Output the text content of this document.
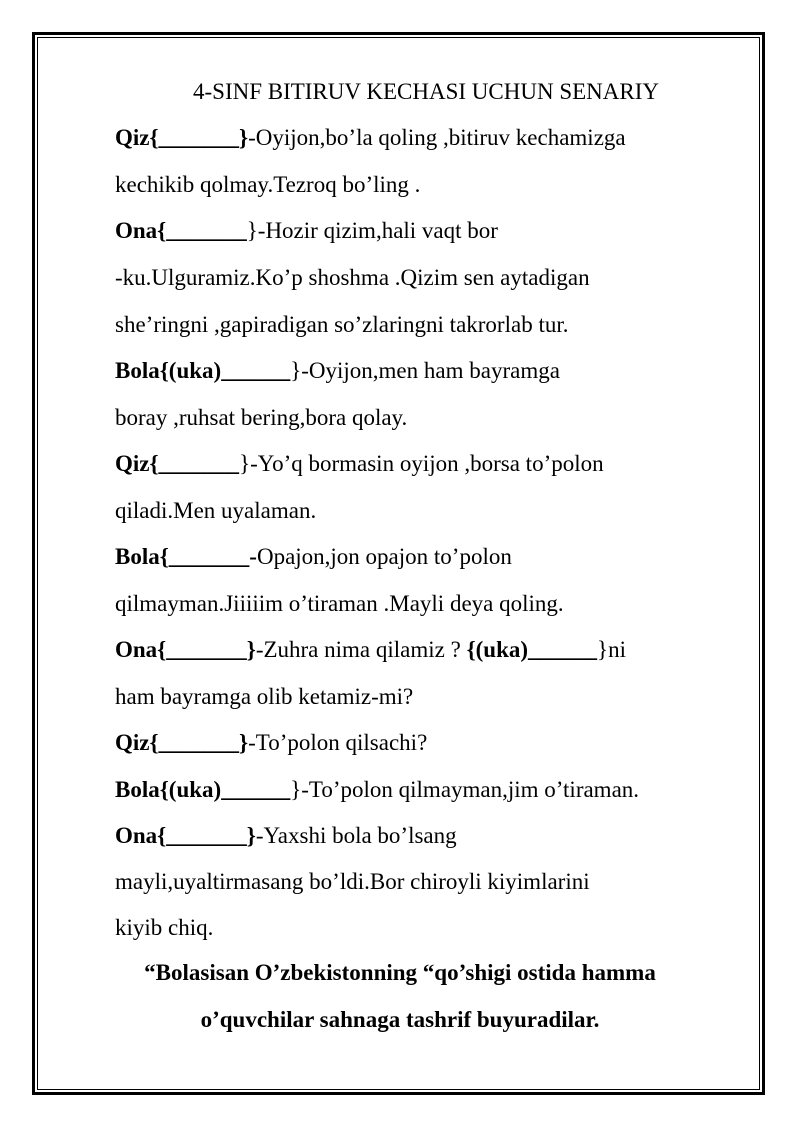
4-SINF BITIRUV KECHASI UCHUN SENARIY
Qiz{_______}-Oyijon,bo’la qoling ,bitiruv kechamizga
kechikib qolmay.Tezroq bo’ling .
Ona{_______}-Hozir qizim,hali vaqt bor
-ku.Ulguramiz.Ko’p shoshma .Qizim sen aytadigan
she’ringni ,gapiradigan so’zlaringni takrorlab tur.
Bola{(uka)______}-Oyijon,men ham bayramga
boray ,ruhsat bering,bora qolay.
Qiz{_______}-Yo’q bormasin oyijon ,borsa to’polon
qiladi.Men uyalaman.
Bola{_______-Opajon,jon opajon to’polon
qilmayman.Jiiiiim o’tiraman .Mayli deya qoling.
Ona{_______}-Zuhra nima qilamiz ? {(uka)______}ni
ham bayramga olib ketamiz-mi?
Qiz{_______}-To’polon qilsachi?
Bola{(uka)______}-To’polon qilmayman,jim o’tiraman.
Ona{_______}-Yaxshi bola bo’lsang
mayli,uyaltirmasang bo’ldi.Bor chiroyli kiyimlarini
kiyib chiq.
“Bolasisan O’zbekistonning “qo’shigi ostida hamma
o’quvchilar sahnaga tashrif buyuradilar.
